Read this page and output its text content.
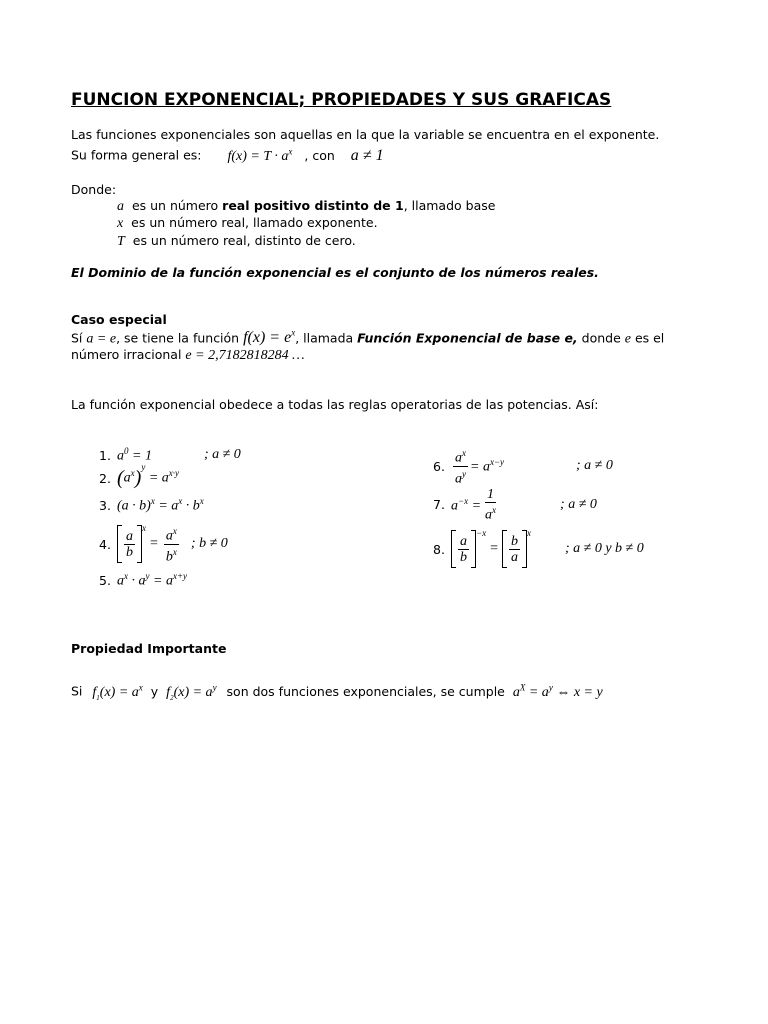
FUNCION EXPONENCIAL; PROPIEDADES Y SUS GRAFICAS
Las funciones exponenciales son aquellas en la que la variable se encuentra en el exponente.
Su forma general es: $f(x) = T \cdot a^x$ , con a ≠ 1
Donde:
a es un número real positivo distinto de 1, llamado base
x es un número real, llamado exponente.
T es un número real, distinto de cero.
El Dominio de la función exponencial es el conjunto de los números reales.
Caso especial
Sí a = e, se tiene la función $f(x) = e^x$, llamada Función Exponencial de base e, donde e es el
número irracional e = 2,7182818284 …
La función exponencial obedece a todas las reglas operatorias de las potencias. Así:
1. $a^0 = 1$	; a ≠ 0
2. $(a^x)^y = a^{x\cdot y}$
3. $(a \cdot b)^x = a^x \cdot b^x$
4. $\frac{a}{b}$
$^x$
= $\frac{a^x}{b^x}$ ; b ≠ 0
5. $a^x \cdot a^y = a^{x+y}$
6. $\frac{a^x}{a^y} = a^{x-y}$	; a ≠ 0
7. $a^{-x} = \frac{1}{a^x}$	; a ≠ 0
8. $\frac{a}{b}$
$^{-x}$
= $\frac{b}{a}$
$^x$
; a ≠ 0 y b ≠ 0
Propiedad Importante
Si $f_1(x) = a^x$ y $f_2(x) = a^y$ son dos funciones exponenciales, se cumple $a^X = a^y$ ⇔ x = y
